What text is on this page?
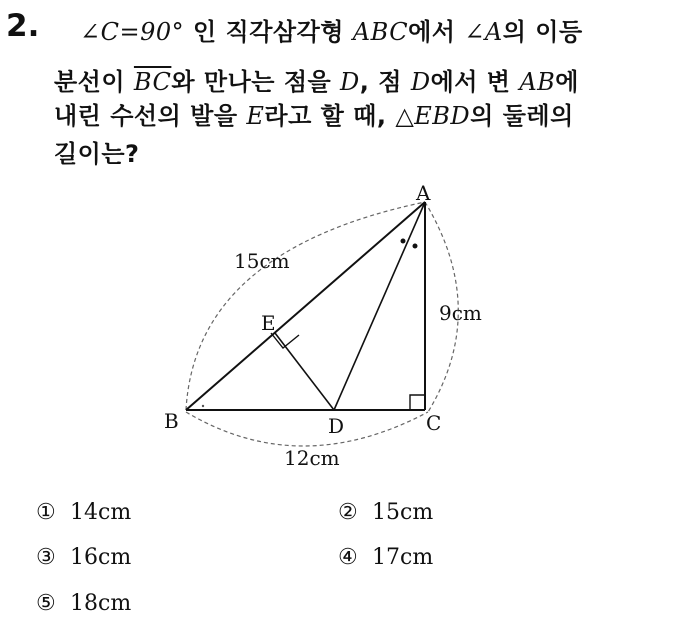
2. ∠C=90° 인 직각삼각형 ABC에서 ∠A의 이등
분선이 $\overline{BC}$와 만나는 점을 D, 점 D에서 변 AB에
내린 수선의 발을 E라고 할 때, △EBD의 둘레의
길이는?
A
B	C
D
E
15cm
9cm
12cm
① 14cm	② 15cm
③ 16cm	④ 17cm
⑤ 18cm
